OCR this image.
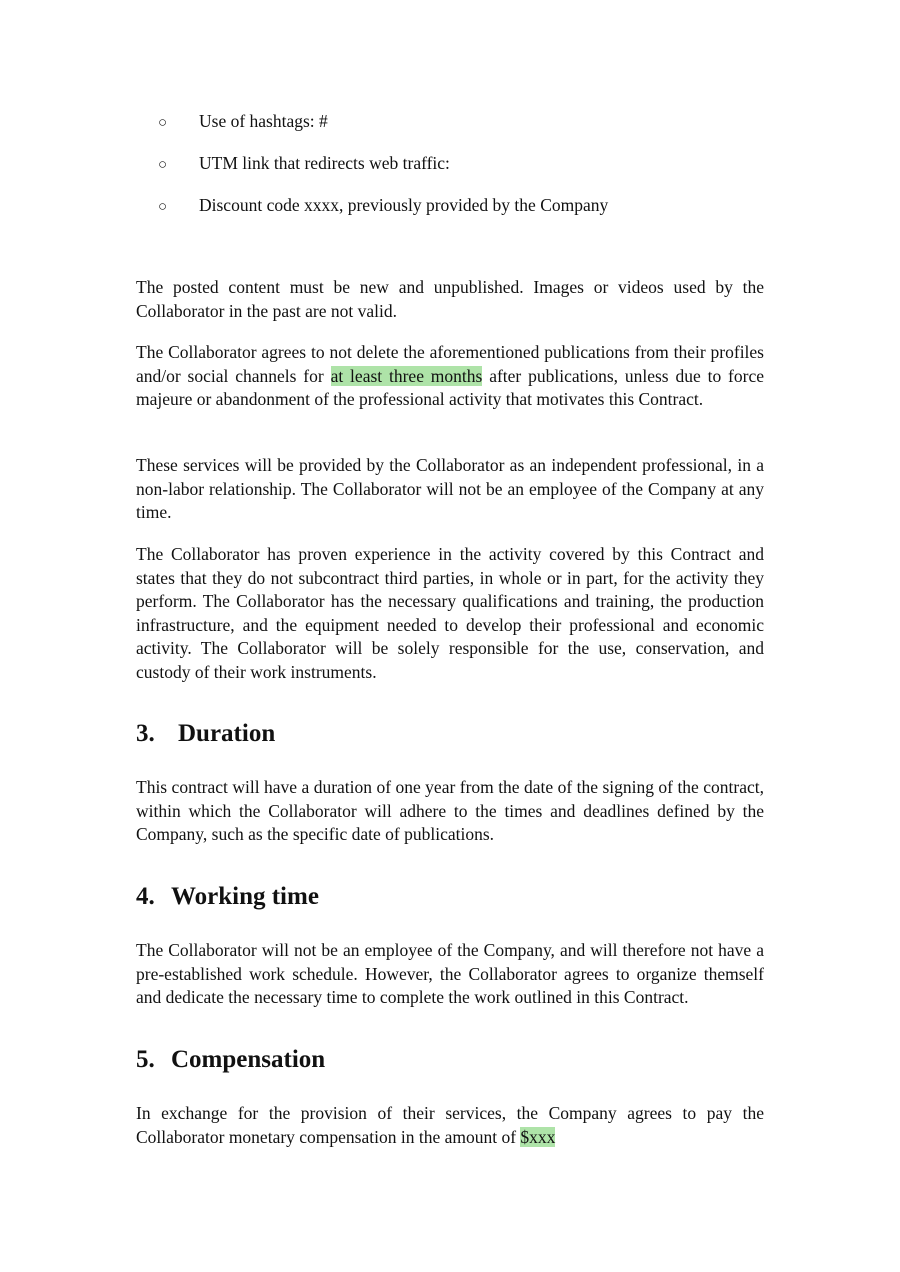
○	Use of hashtags: #
○	UTM link that redirects web traffic:
○	Discount code xxxx, previously provided by the Company

The posted content must be new and unpublished. Images or videos used by the Collaborator in the past are not valid.

The Collaborator agrees to not delete the aforementioned publications from their profiles and/or social channels for at least three months after publications, unless due to force majeure or abandonment of the professional activity that motivates this Contract.

These services will be provided by the Collaborator as an independent professional, in a non-labor relationship. The Collaborator will not be an employee of the Company at any time.

The Collaborator has proven experience in the activity covered by this Contract and states that they do not subcontract third parties, in whole or in part, for the activity they perform. The Collaborator has the necessary qualifications and training, the production infrastructure, and the equipment needed to develop their professional and economic activity. The Collaborator will be solely responsible for the use, conservation, and custody of their work instruments.

3. Duration

This contract will have a duration of one year from the date of the signing of the contract, within which the Collaborator will adhere to the times and deadlines defined by the Company, such as the specific date of publications.

4. Working time

The Collaborator will not be an employee of the Company, and will therefore not have a pre-established work schedule. However, the Collaborator agrees to organize themself and dedicate the necessary time to complete the work outlined in this Contract.

5. Compensation

In exchange for the provision of their services, the Company agrees to pay the Collaborator monetary compensation in the amount of $xxx
